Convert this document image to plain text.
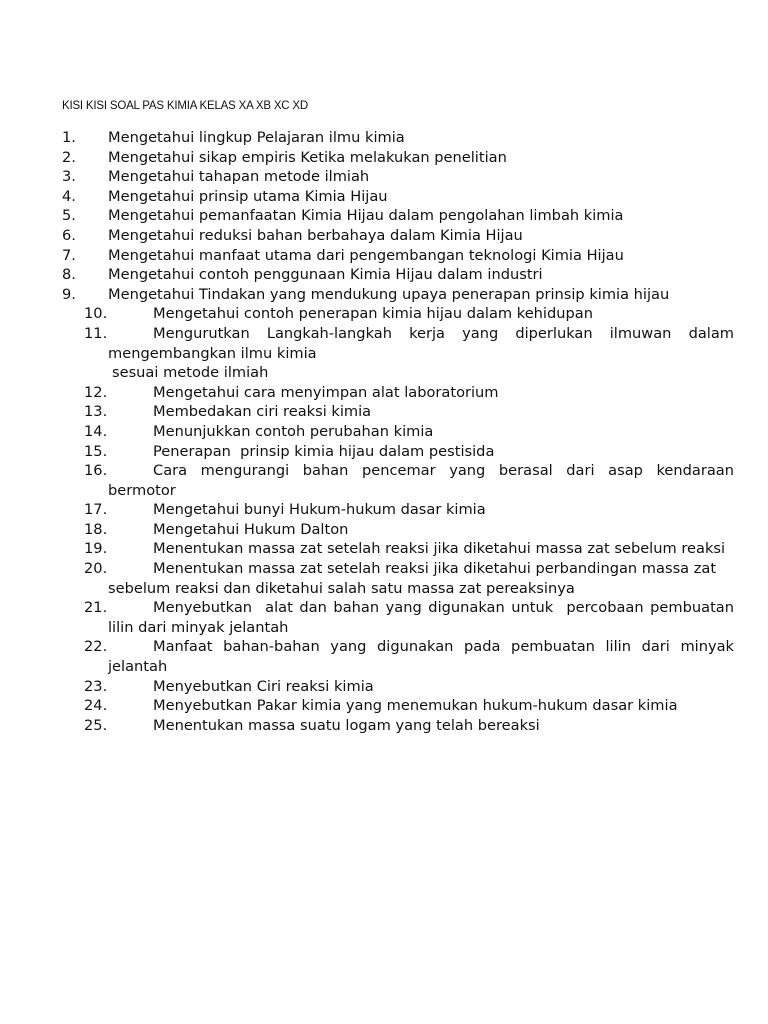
KISI KISI SOAL PAS KIMIA KELAS XA XB XC XD
1.	Mengetahui lingkup Pelajaran ilmu kimia
2.	Mengetahui sikap empiris Ketika melakukan penelitian
3.	Mengetahui tahapan metode ilmiah
4.	Mengetahui prinsip utama Kimia Hijau
5.	Mengetahui pemanfaatan Kimia Hijau dalam pengolahan limbah kimia
6.	Mengetahui reduksi bahan berbahaya dalam Kimia Hijau
7.	Mengetahui manfaat utama dari pengembangan teknologi Kimia Hijau
8.	Mengetahui contoh penggunaan Kimia Hijau dalam industri
9.	Mengetahui Tindakan yang mendukung upaya penerapan prinsip kimia hijau
10.	Mengetahui contoh penerapan kimia hijau dalam kehidupan
11.	Mengurutkan Langkah-langkah kerja yang diperlukan ilmuwan dalam mengembangkan ilmu kimia
sesuai metode ilmiah
12.	Mengetahui cara menyimpan alat laboratorium
13.	Membedakan ciri reaksi kimia
14.	Menunjukkan contoh perubahan kimia
15.	Penerapan  prinsip kimia hijau dalam pestisida
16.	Cara mengurangi bahan pencemar yang berasal dari asap kendaraan bermotor
17.	Mengetahui bunyi Hukum-hukum dasar kimia
18.	Mengetahui Hukum Dalton
19.	Menentukan massa zat setelah reaksi jika diketahui massa zat sebelum reaksi
20.	Menentukan massa zat setelah reaksi jika diketahui perbandingan massa zat sebelum reaksi dan diketahui salah satu massa zat pereaksinya
21.	Menyebutkan  alat dan bahan yang digunakan untuk  percobaan pembuatan lilin dari minyak jelantah
22.	Manfaat bahan-bahan yang digunakan pada pembuatan lilin dari minyak jelantah
23.	Menyebutkan Ciri reaksi kimia
24.	Menyebutkan Pakar kimia yang menemukan hukum-hukum dasar kimia
25.	Menentukan massa suatu logam yang telah bereaksi
